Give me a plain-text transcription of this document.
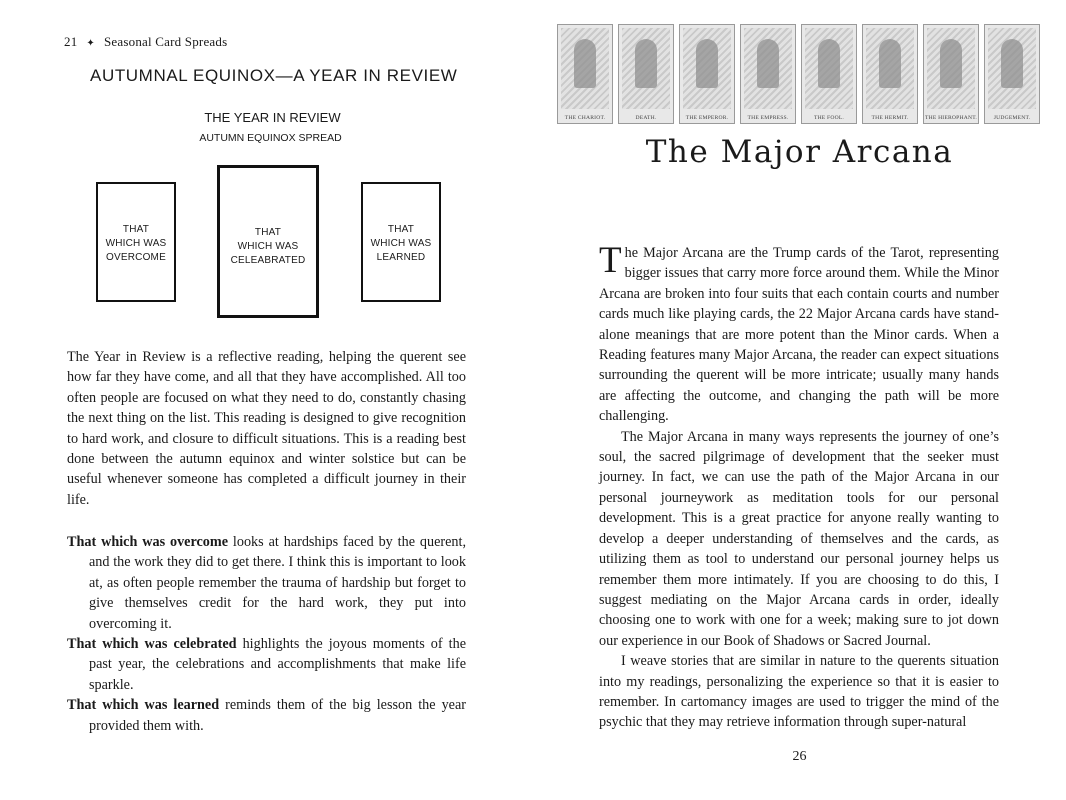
21 ✦ Seasonal Card Spreads
AUTUMNAL EQUINOX—A YEAR IN REVIEW
THE YEAR IN REVIEW
AUTUMN EQUINOX SPREAD
THAT
WHICH WAS
OVERCOME
THAT
WHICH WAS
CELEABRATED
THAT
WHICH WAS
LEARNED

The Year in Review is a reflective reading, helping the querent see how far they have come, and all that they have accomplished. All too often people are focused on what they need to do, constantly chasing the next thing on the list. This reading is designed to give recognition to hard work, and closure to difficult situations. This is a reading best done between the autumn equinox and winter solstice but can be useful whenever someone has completed a difficult journey in their life.

That which was overcome looks at hardships faced by the querent, and the work they did to get there. I think this is important to look at, as often people remember the trauma of hardship but forget to give themselves credit for the hard work, they put into overcoming it.

That which was celebrated highlights the joyous moments of the past year, the celebrations and accomplishments that make life sparkle.

That which was learned reminds them of the big lesson the year provided them with.

THE CHARIOT.	DEATH.	THE EMPEROR.	THE EMPRESS.	THE FOOL.	THE HERMIT.	THE HIEROPHANT.	JUDGEMENT.
The Major Arcana

The Major Arcana are the Trump cards of the Tarot, representing bigger issues that carry more force around them. While the Minor Arcana are broken into four suits that each contain courts and number cards much like playing cards, the 22 Major Arcana cards have stand-alone meanings that are more potent than the Minor cards. When a Reading features many Major Arcana, the reader can expect situations surrounding the querent will be more intricate; usually many hands are affecting the outcome, and changing the path will be more challenging.

The Major Arcana in many ways represents the journey of one’s soul, the sacred pilgrimage of development that the seeker must journey. In fact, we can use the path of the Major Arcana in our personal journeywork as meditation tools for our personal development. This is a great practice for anyone really wanting to develop a deeper understanding of themselves and the cards, as utilizing them as tool to understand our personal journey helps us remember them more intimately. If you are choosing to do this, I suggest mediating on the Major Arcana cards in order, ideally choosing one to work with one for a week; making sure to jot down our experience in our Book of Shadows or Sacred Journal.

I weave stories that are similar in nature to the querents situation into my readings, personalizing the experience so that it is easier to remember. In cartomancy images are used to trigger the mind of the psychic that they may retrieve information through super-natural

26
